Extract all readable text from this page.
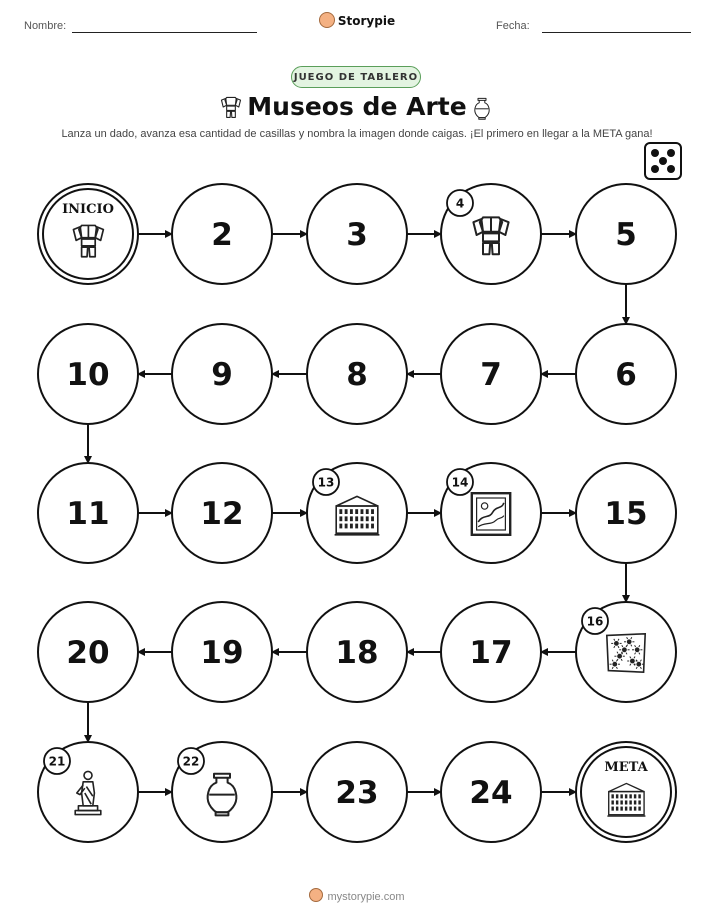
Nombre:	Storypie	Fecha:
JUEGO DE TABLERO
Museos de Arte
Lanza un dado, avanza esa cantidad de casillas y nombra la imagen donde caigas. ¡El primero en llegar a la META gana!
INICIO
2	3
4
5
6
7
8
9
10
11	12
13	14
15
16
17
18
19
20
21	22
23	24
META
mystorypie.com
